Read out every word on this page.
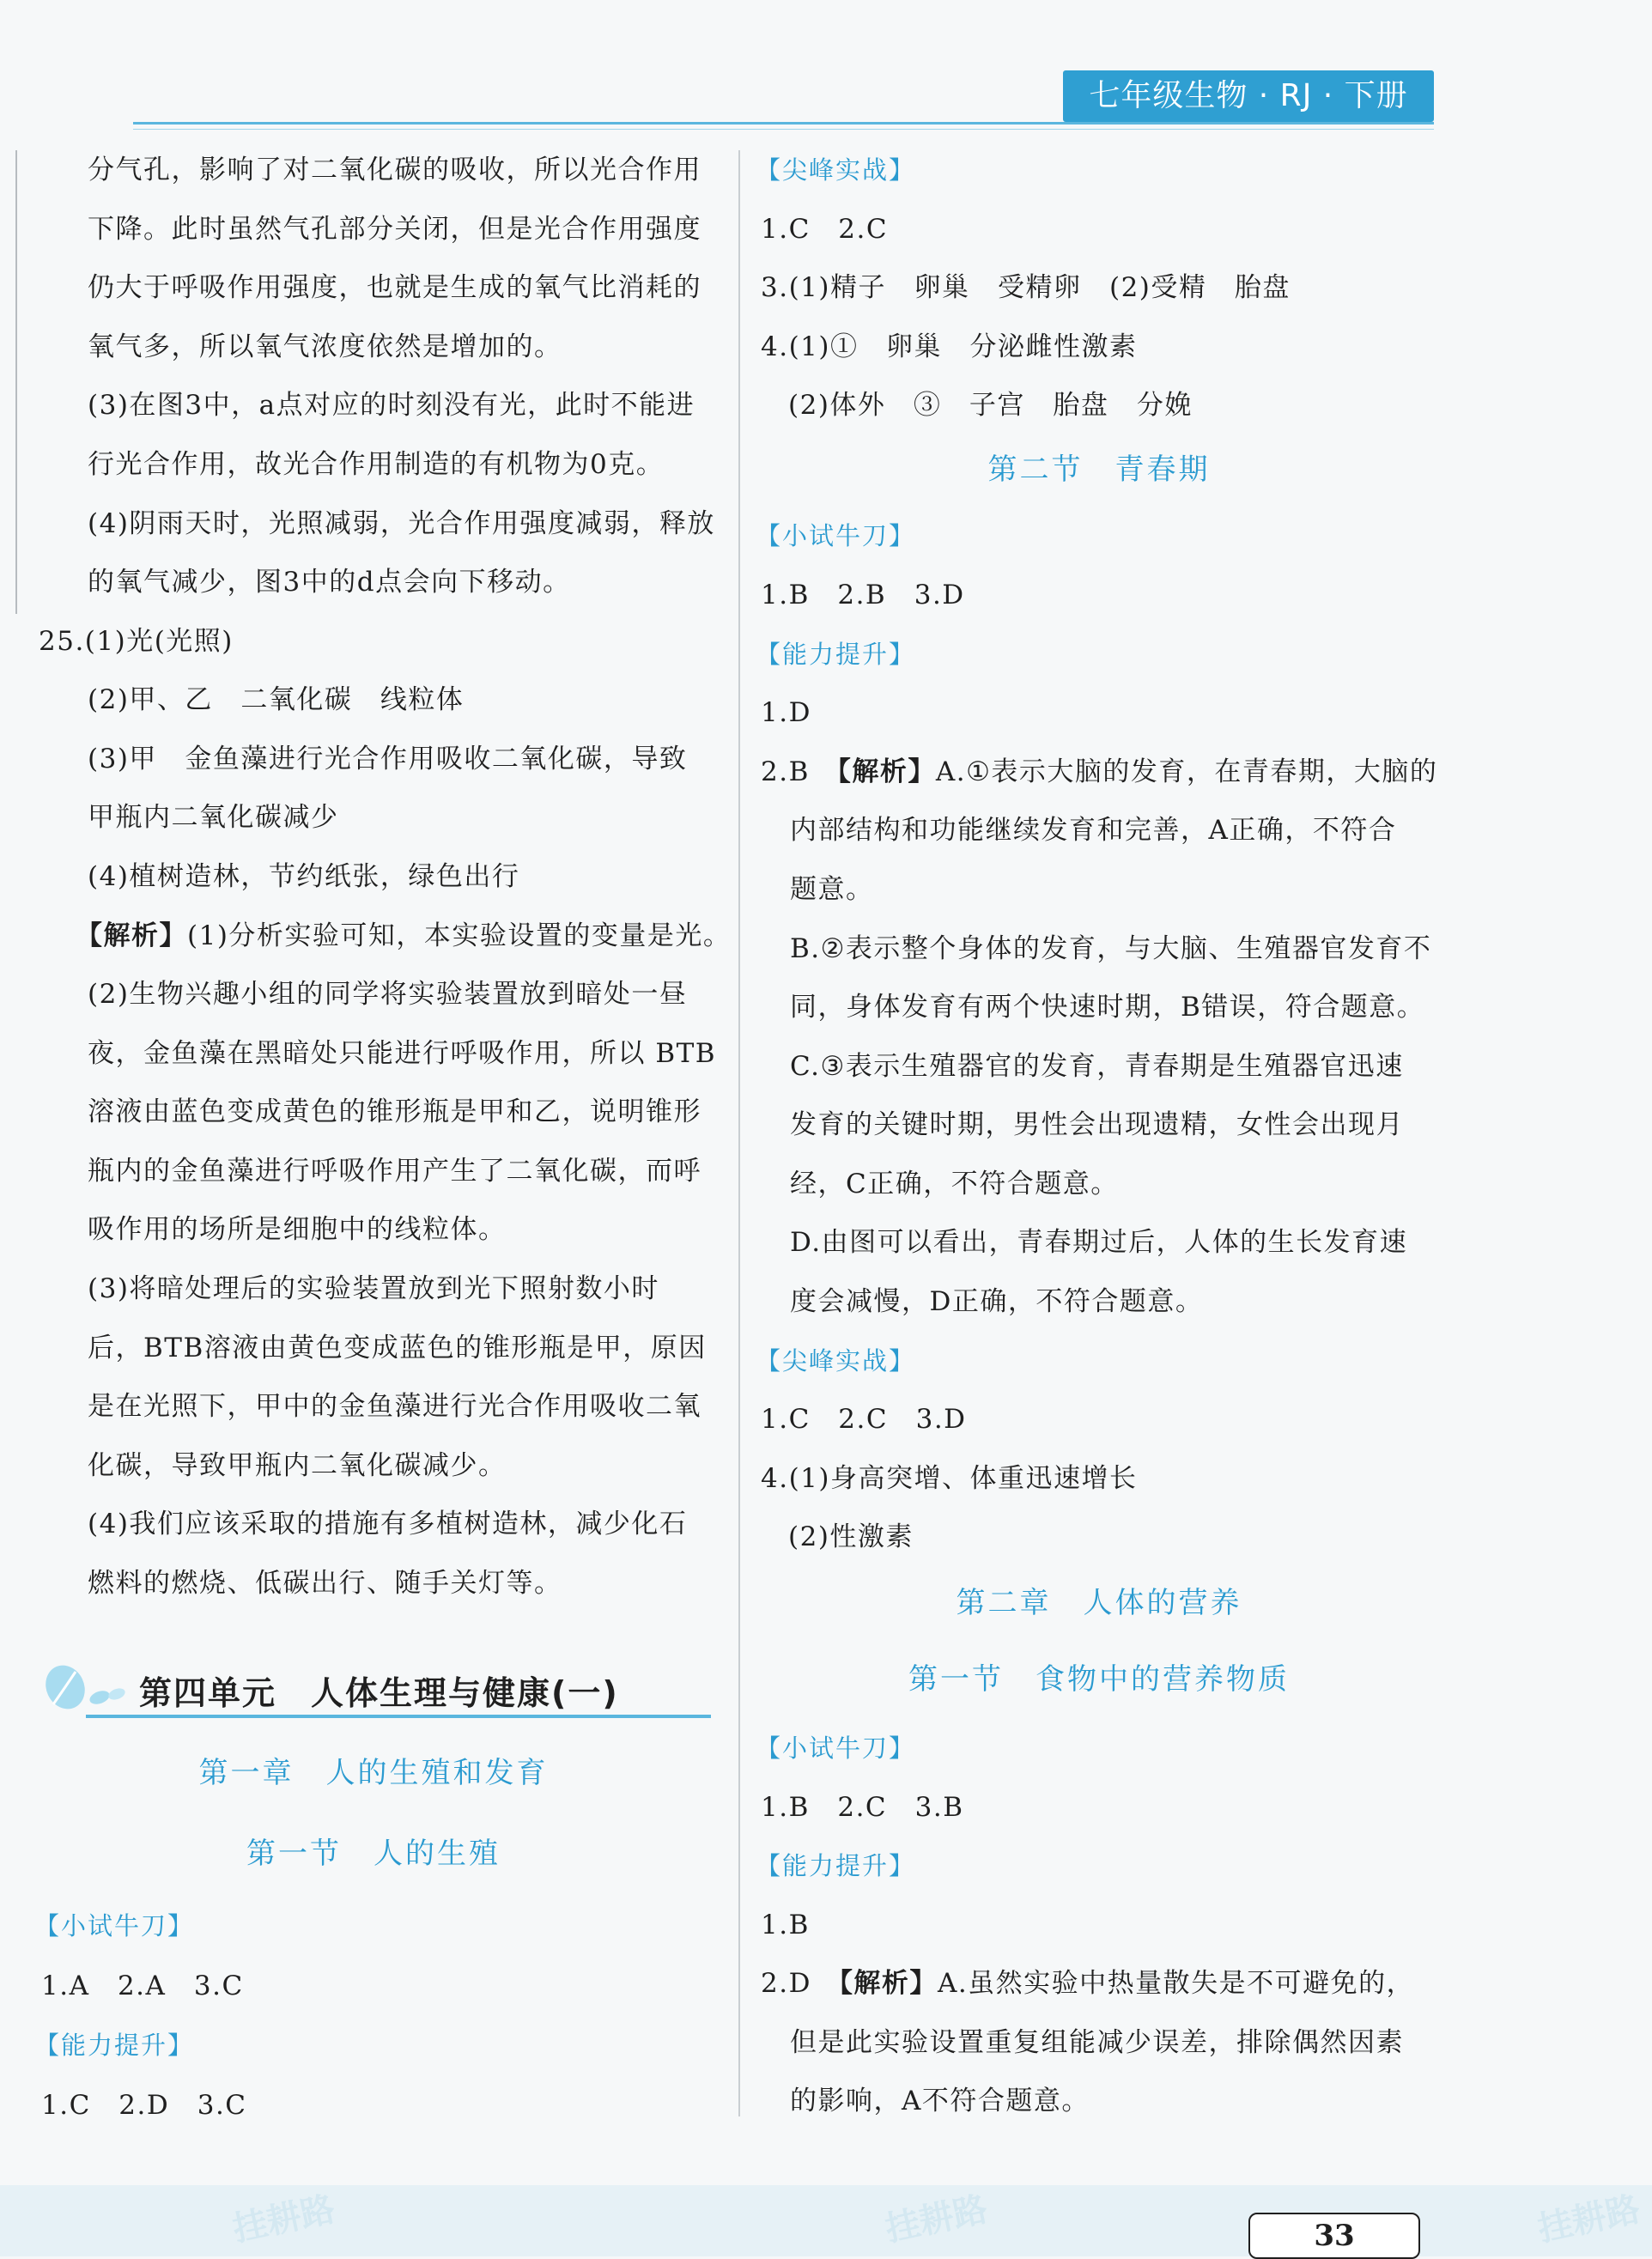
七年级生物 · RJ · 下册
分气孔，影响了对二氧化碳的吸收，所以光合作用
下降。此时虽然气孔部分关闭，但是光合作用强度
仍大于呼吸作用强度，也就是生成的氧气比消耗的
氧气多，所以氧气浓度依然是增加的。
(3)在图3中，a点对应的时刻没有光，此时不能进
行光合作用，故光合作用制造的有机物为0克。
(4)阴雨天时，光照减弱，光合作用强度减弱，释放
的氧气减少，图3中的d点会向下移动。
25.(1)光(光照)
(2)甲、乙　二氧化碳　线粒体
(3)甲　金鱼藻进行光合作用吸收二氧化碳，导致
甲瓶内二氧化碳减少
(4)植树造林，节约纸张，绿色出行
【解析】(1)分析实验可知，本实验设置的变量是光。
(2)生物兴趣小组的同学将实验装置放到暗处一昼
夜，金鱼藻在黑暗处只能进行呼吸作用，所以 BTB
溶液由蓝色变成黄色的锥形瓶是甲和乙，说明锥形
瓶内的金鱼藻进行呼吸作用产生了二氧化碳，而呼
吸作用的场所是细胞中的线粒体。
(3)将暗处理后的实验装置放到光下照射数小时
后，BTB溶液由黄色变成蓝色的锥形瓶是甲，原因
是在光照下，甲中的金鱼藻进行光合作用吸收二氧
化碳，导致甲瓶内二氧化碳减少。
(4)我们应该采取的措施有多植树造林，减少化石
燃料的燃烧、低碳出行、随手关灯等。
第四单元　人体生理与健康(一)
第一章　人的生殖和发育
第一节　人的生殖
【小试牛刀】
1.A　2.A　3.C
【能力提升】
1.C　2.D　3.C
【尖峰实战】
1.C　2.C
3.(1)精子　卵巢　受精卵　(2)受精　胎盘
4.(1)①　卵巢　分泌雌性激素
(2)体外　③　子宫　胎盘　分娩
第二节　青春期
【小试牛刀】
1.B　2.B　3.D
【能力提升】
1.D
2.B　【解析】A.①表示大脑的发育，在青春期，大脑的
内部结构和功能继续发育和完善，A正确，不符合
题意。
B.②表示整个身体的发育，与大脑、生殖器官发育不
同，身体发育有两个快速时期，B错误，符合题意。
C.③表示生殖器官的发育，青春期是生殖器官迅速
发育的关键时期，男性会出现遗精，女性会出现月
经，C正确，不符合题意。
D.由图可以看出，青春期过后，人体的生长发育速
度会减慢，D正确，不符合题意。
【尖峰实战】
1.C　2.C　3.D
4.(1)身高突增、体重迅速增长
(2)性激素
第二章　人体的营养
第一节　食物中的营养物质
【小试牛刀】
1.B　2.C　3.B
【能力提升】
1.B
2.D　【解析】A.虽然实验中热量散失是不可避免的，
但是此实验设置重复组能减少误差，排除偶然因素
的影响，A不符合题意。
挂耕路	挂耕路	挂耕路
33
